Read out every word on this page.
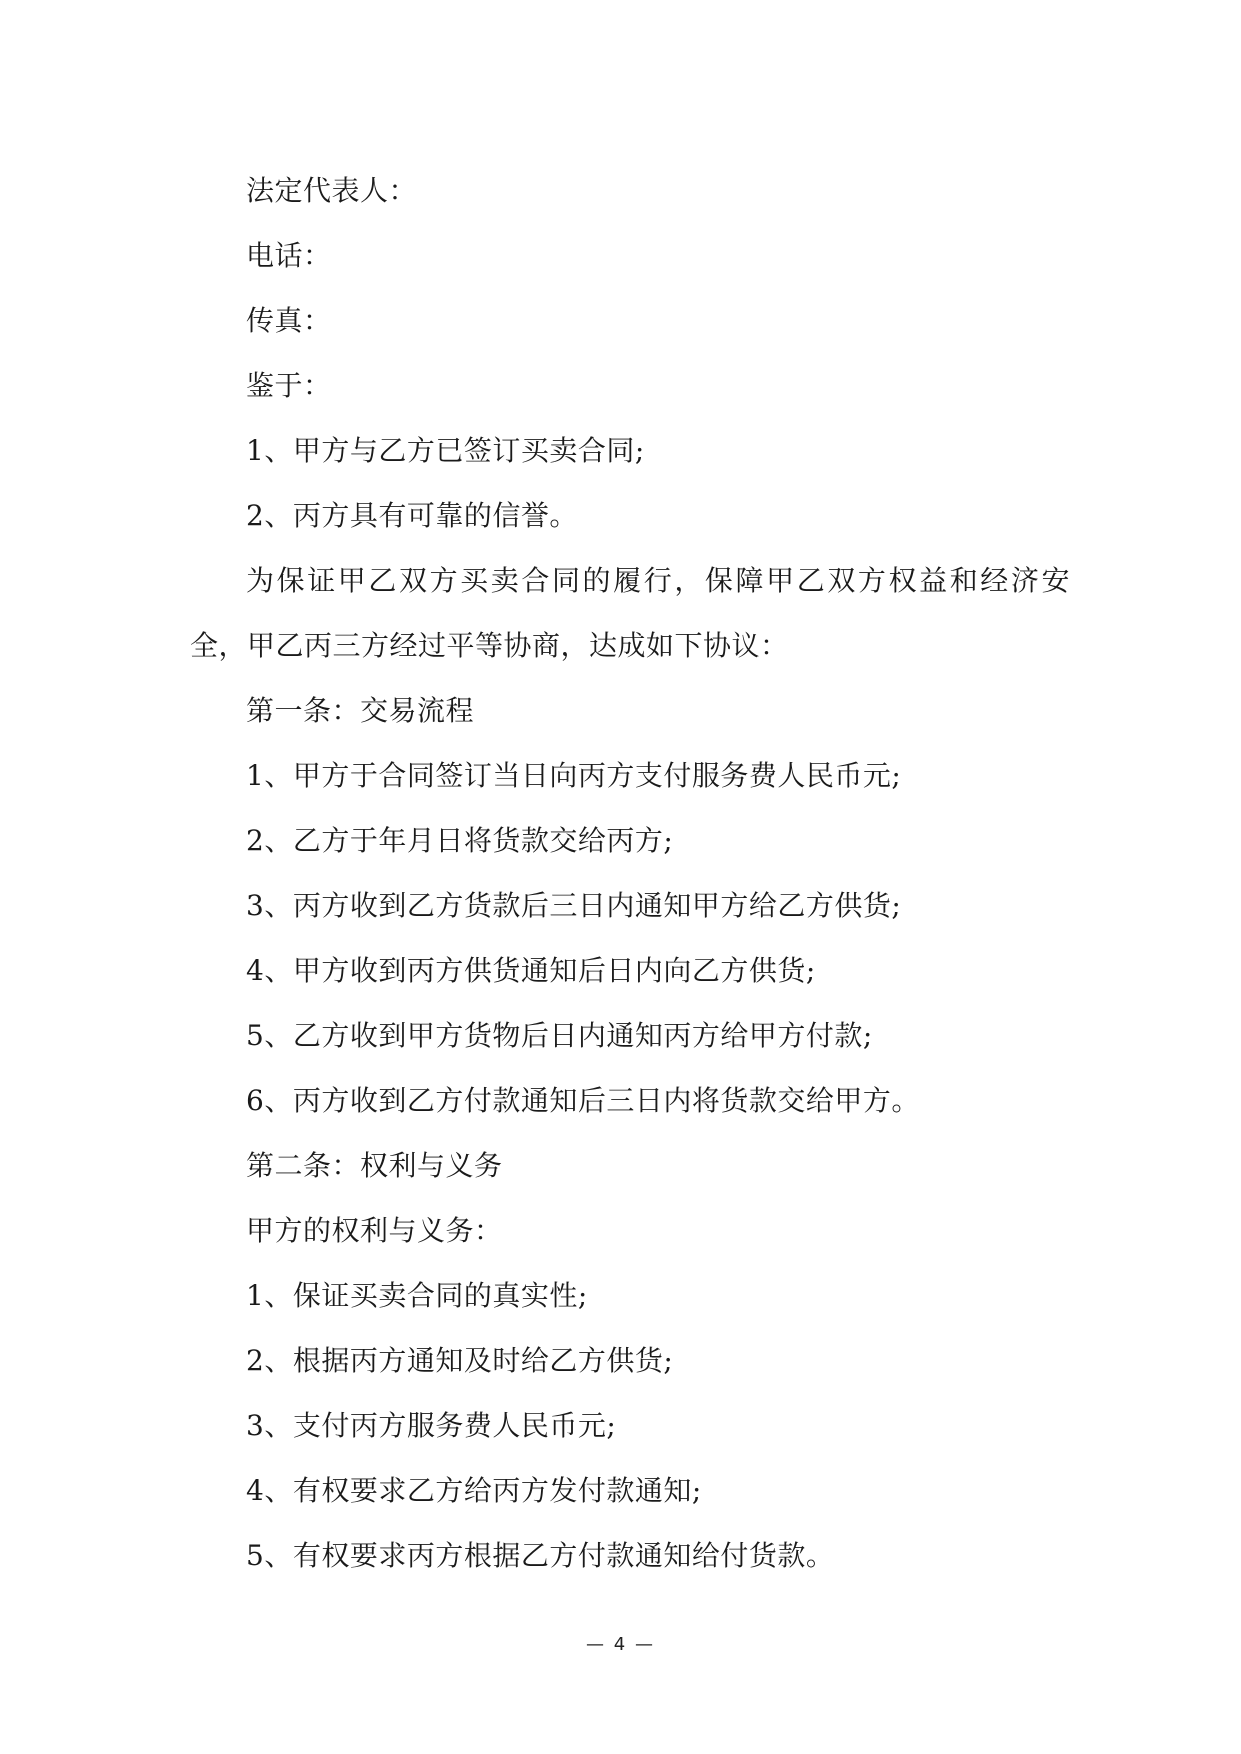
法定代表人：
电话：
传真：
鉴于：
1、甲方与乙方已签订买卖合同;
2、丙方具有可靠的信誉。
为保证甲乙双方买卖合同的履行，保障甲乙双方权益和经济安全，甲乙丙三方经过平等协商，达成如下协议：
第一条：交易流程
1、甲方于合同签订当日向丙方支付服务费人民币元;
2、乙方于年月日将货款交给丙方;
3、丙方收到乙方货款后三日内通知甲方给乙方供货;
4、甲方收到丙方供货通知后日内向乙方供货;
5、乙方收到甲方货物后日内通知丙方给甲方付款;
6、丙方收到乙方付款通知后三日内将货款交给甲方。
第二条：权利与义务
甲方的权利与义务：
1、保证买卖合同的真实性;
2、根据丙方通知及时给乙方供货;
3、支付丙方服务费人民币元;
4、有权要求乙方给丙方发付款通知;
5、有权要求丙方根据乙方付款通知给付货款。
— 4 —
